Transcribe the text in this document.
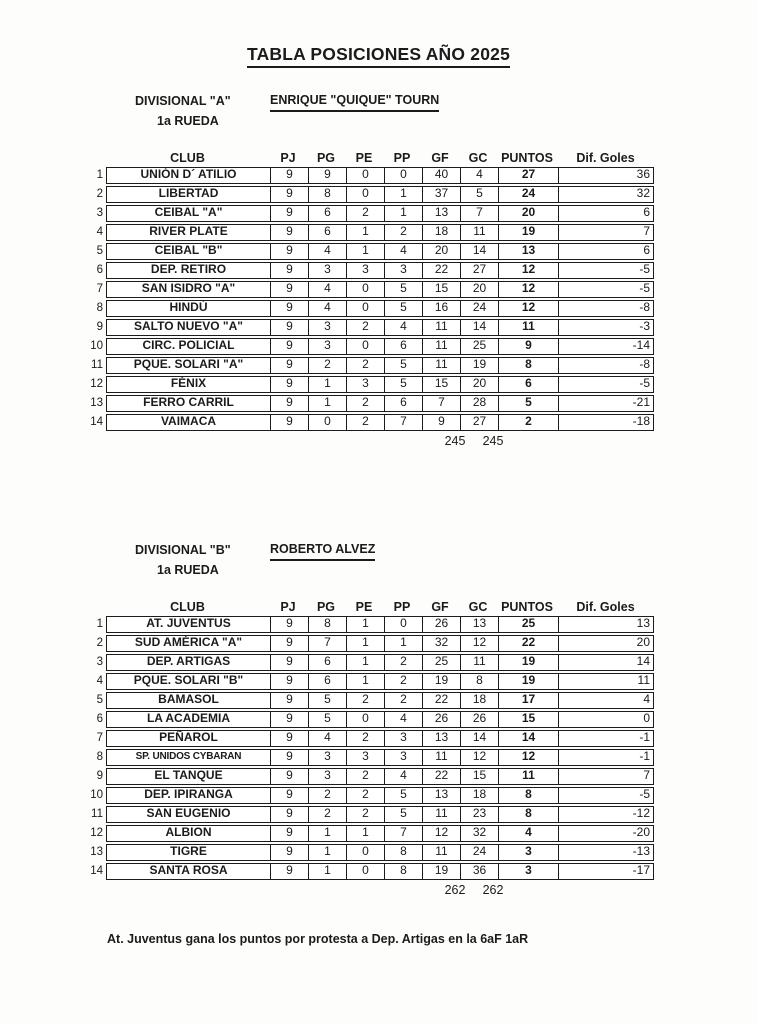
TABLA POSICIONES AÑO 2025
DIVISIONAL "A"
1a RUEDA
ENRIQUE "QUIQUE" TOURN
CLUB	PJ	PG	PE	PP	GF	GC	PUNTOS	Dif. Goles
1	UNIÓN D´ ATILIO	9	9	0	0	40	4	27	36
2	LIBERTAD	9	8	0	1	37	5	24	32
3	CEIBAL "A"	9	6	2	1	13	7	20	6
4	RIVER PLATE	9	6	1	2	18	11	19	7
5	CEIBAL "B"	9	4	1	4	20	14	13	6
6	DEP. RETIRO	9	3	3	3	22	27	12	-5
7	SAN ISIDRO "A"	9	4	0	5	15	20	12	-5
8	HINDÚ	9	4	0	5	16	24	12	-8
9	SALTO NUEVO "A"	9	3	2	4	11	14	11	-3
10	CIRC. POLICIAL	9	3	0	6	11	25	9	-14
11	PQUE. SOLARI "A"	9	2	2	5	11	19	8	-8
12	FÉNIX	9	1	3	5	15	20	6	-5
13	FERRO CARRIL	9	1	2	6	7	28	5	-21
14	VAIMACA	9	0	2	7	9	27	2	-18
245	245
DIVISIONAL "B"
1a RUEDA
ROBERTO ALVEZ
CLUB	PJ	PG	PE	PP	GF	GC	PUNTOS	Dif. Goles
1	AT. JUVENTUS	9	8	1	0	26	13	25	13
2	SUD AMÉRICA "A"	9	7	1	1	32	12	22	20
3	DEP. ARTIGAS	9	6	1	2	25	11	19	14
4	PQUE. SOLARI "B"	9	6	1	2	19	8	19	11
5	BAMASOL	9	5	2	2	22	18	17	4
6	LA ACADEMIA	9	5	0	4	26	26	15	0
7	PEÑAROL	9	4	2	3	13	14	14	-1
8	SP. UNIDOS CYBARAN	9	3	3	3	11	12	12	-1
9	EL TANQUE	9	3	2	4	22	15	11	7
10	DEP. IPIRANGA	9	2	2	5	13	18	8	-5
11	SAN EUGENIO	9	2	2	5	11	23	8	-12
12	ALBION	9	1	1	7	12	32	4	-20
13	TIGRE	9	1	0	8	11	24	3	-13
14	SANTA ROSA	9	1	0	8	19	36	3	-17
262	262
At. Juventus gana los puntos por protesta a Dep. Artigas en la 6aF 1aR
